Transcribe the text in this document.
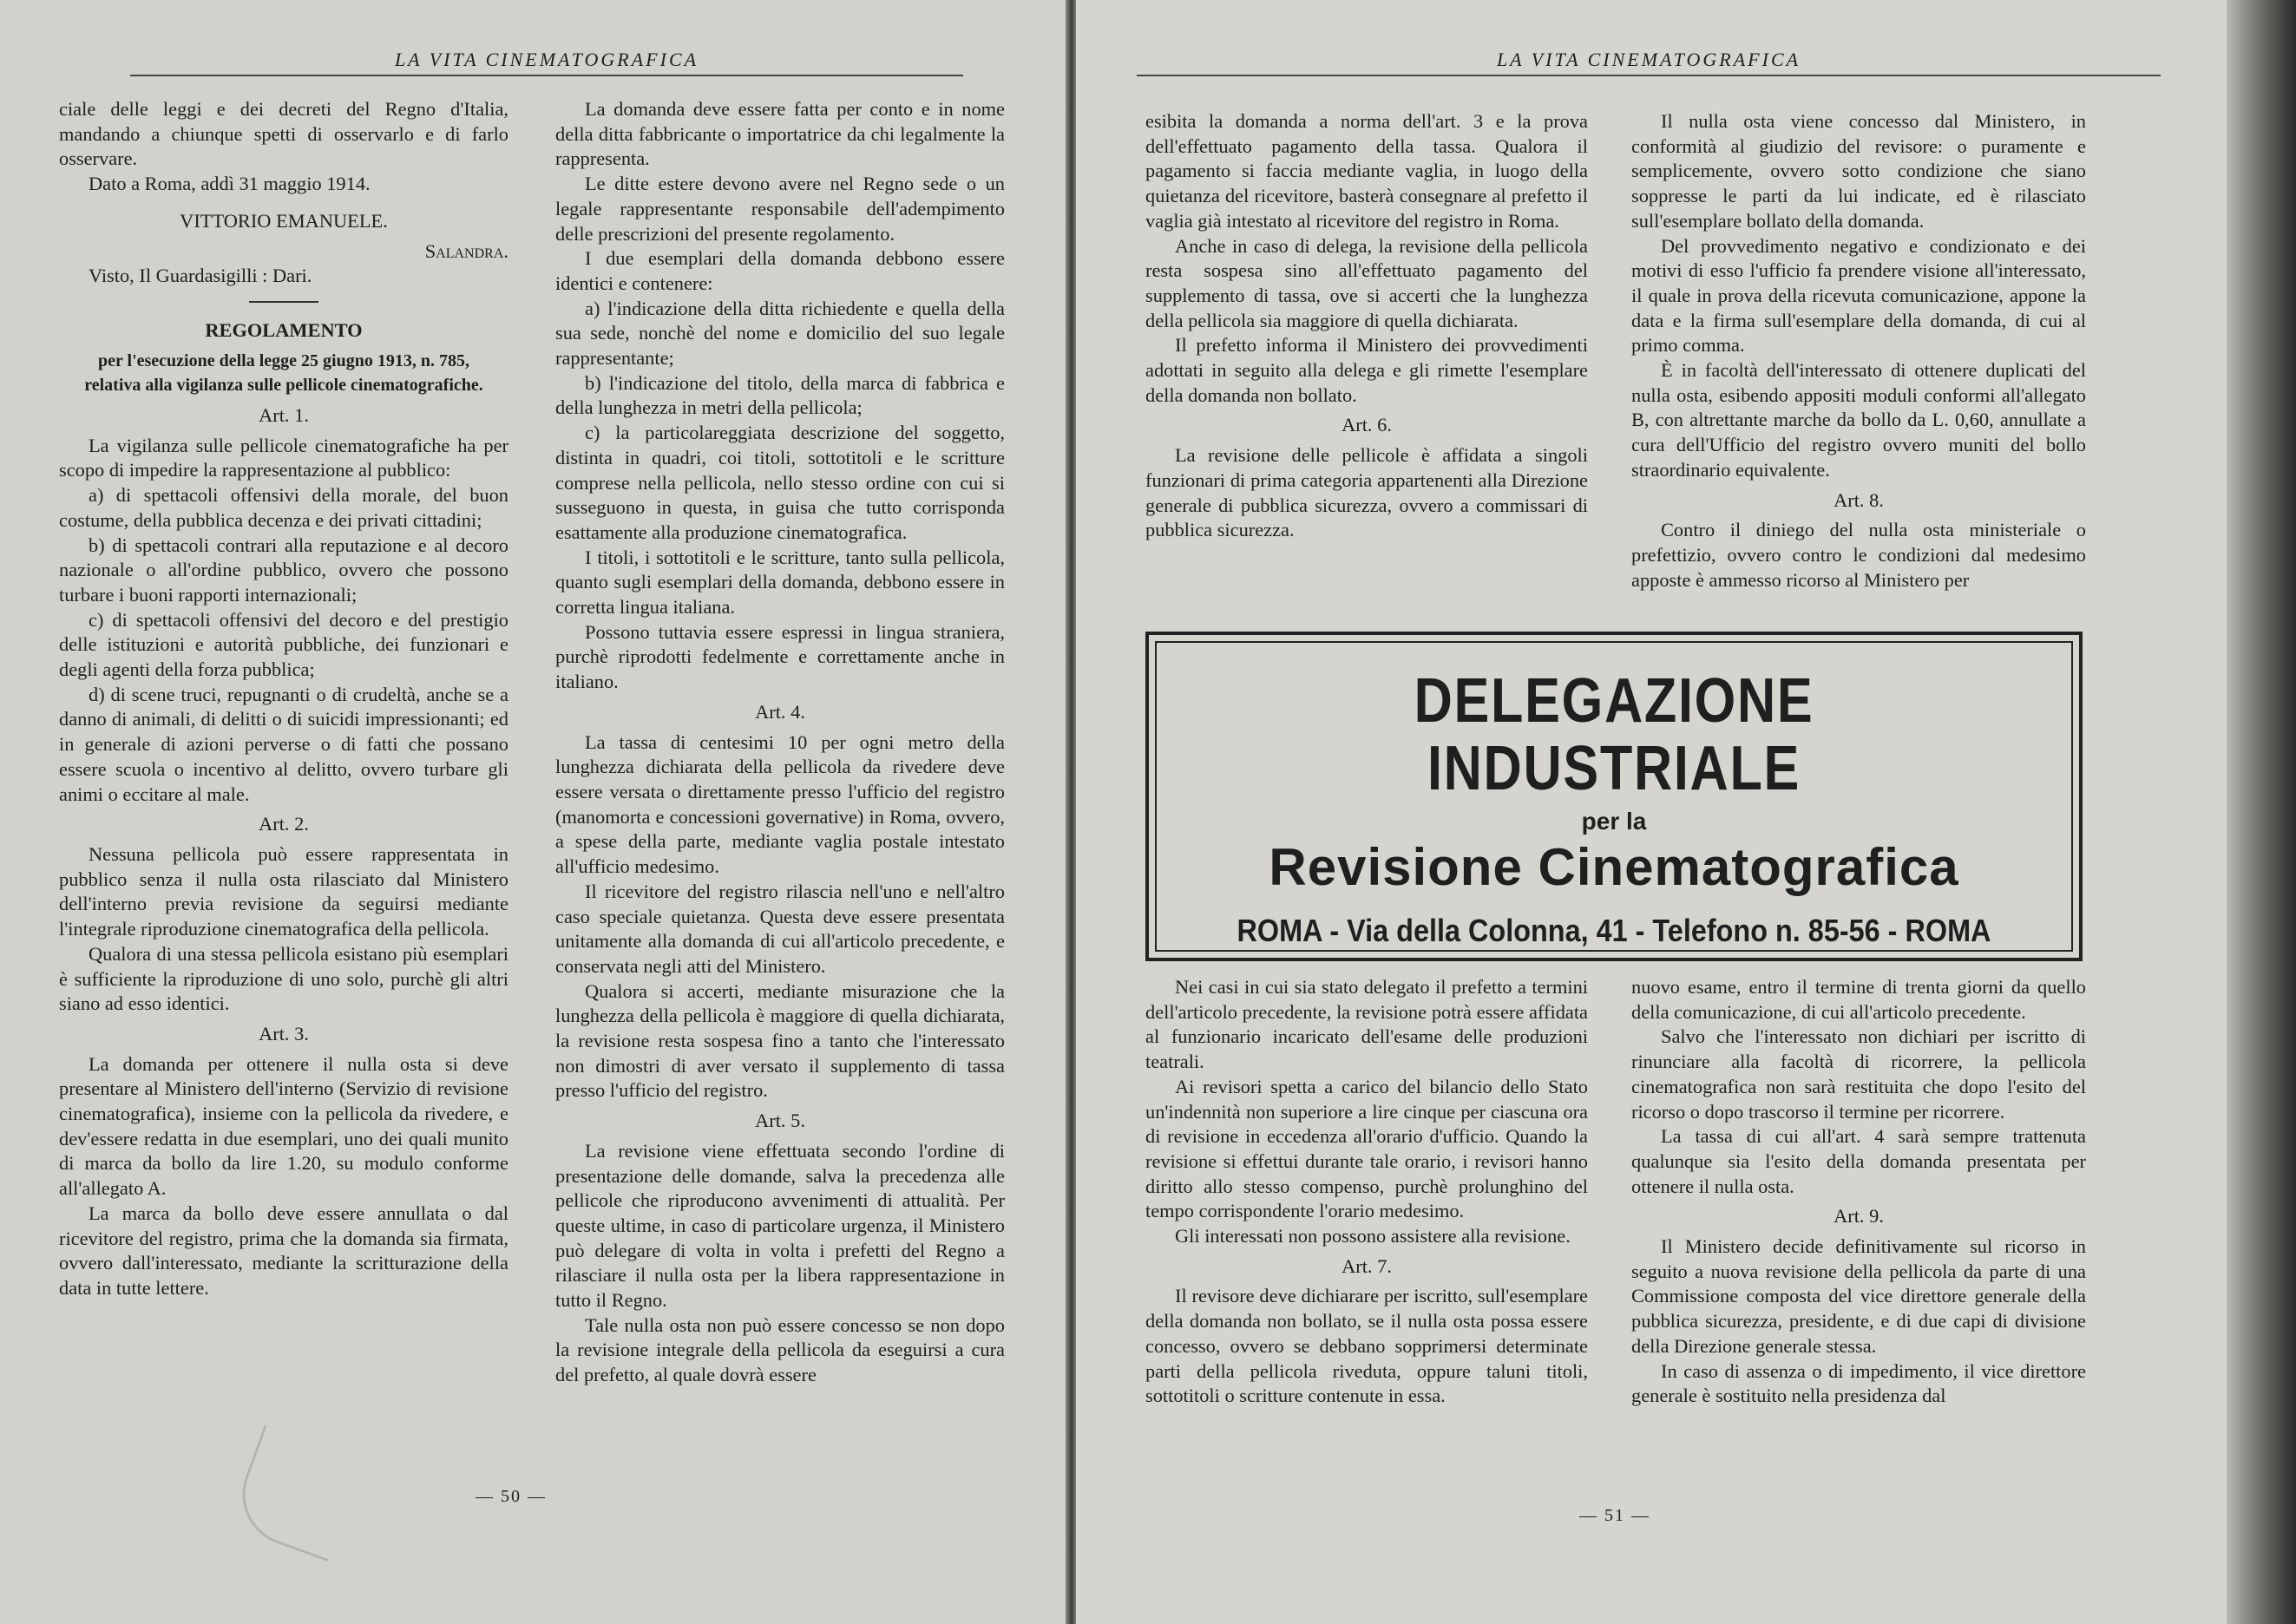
LA VITA CINEMATOGRAFICA

ciale delle leggi e dei decreti del Regno d'Italia, mandando a chiunque spetti di osservarlo e di farlo osservare.

Dato a Roma, addì 31 maggio 1914.

VITTORIO EMANUELE.

Salandra.

Visto, Il Guardasigilli : Dari.

REGOLAMENTO

per l'esecuzione della legge 25 giugno 1913, n. 785, relativa alla vigilanza sulle pellicole cinematografiche.

Art. 1.

La vigilanza sulle pellicole cinematografiche ha per scopo di impedire la rappresentazione al pubblico:

a) di spettacoli offensivi della morale, del buon costume, della pubblica decenza e dei privati cittadini;

b) di spettacoli contrari alla reputazione e al decoro nazionale o all'ordine pubblico, ovvero che possono turbare i buoni rapporti internazionali;

c) di spettacoli offensivi del decoro e del prestigio delle istituzioni e autorità pubbliche, dei funzionari e degli agenti della forza pubblica;

d) di scene truci, repugnanti o di crudeltà, anche se a danno di animali, di delitti o di suicidi impressionanti; ed in generale di azioni perverse o di fatti che possano essere scuola o incentivo al delitto, ovvero turbare gli animi o eccitare al male.

Art. 2.

Nessuna pellicola può essere rappresentata in pubblico senza il nulla osta rilasciato dal Ministero dell'interno previa revisione da seguirsi mediante l'integrale riproduzione cinematografica della pellicola.

Qualora di una stessa pellicola esistano più esemplari è sufficiente la riproduzione di uno solo, purchè gli altri siano ad esso identici.

Art. 3.

La domanda per ottenere il nulla osta si deve presentare al Ministero dell'interno (Servizio di revisione cinematografica), insieme con la pellicola da rivedere, e dev'essere redatta in due esemplari, uno dei quali munito di marca da bollo da lire 1.20, su modulo conforme all'allegato A.

La marca da bollo deve essere annullata o dal ricevitore del registro, prima che la domanda sia firmata, ovvero dall'interessato, mediante la scritturazione della data in tutte lettere.

La domanda deve essere fatta per conto e in nome della ditta fabbricante o importatrice da chi legalmente la rappresenta.

Le ditte estere devono avere nel Regno sede o un legale rappresentante responsabile dell'adempimento delle prescrizioni del presente regolamento.

I due esemplari della domanda debbono essere identici e contenere:

a) l'indicazione della ditta richiedente e quella della sua sede, nonchè del nome e domicilio del suo legale rappresentante;

b) l'indicazione del titolo, della marca di fabbrica e della lunghezza in metri della pellicola;

c) la particolareggiata descrizione del soggetto, distinta in quadri, coi titoli, sottotitoli e le scritture comprese nella pellicola, nello stesso ordine con cui si susseguono in questa, in guisa che tutto corrisponda esattamente alla produzione cinematografica.

I titoli, i sottotitoli e le scritture, tanto sulla pellicola, quanto sugli esemplari della domanda, debbono essere in corretta lingua italiana.

Possono tuttavia essere espressi in lingua straniera, purchè riprodotti fedelmente e correttamente anche in italiano.

Art. 4.

La tassa di centesimi 10 per ogni metro della lunghezza dichiarata della pellicola da rivedere deve essere versata o direttamente presso l'ufficio del registro (manomorta e concessioni governative) in Roma, ovvero, a spese della parte, mediante vaglia postale intestato all'ufficio medesimo.

Il ricevitore del registro rilascia nell'uno e nell'altro caso speciale quietanza. Questa deve essere presentata unitamente alla domanda di cui all'articolo precedente, e conservata negli atti del Ministero.

Qualora si accerti, mediante misurazione che la lunghezza della pellicola è maggiore di quella dichiarata, la revisione resta sospesa fino a tanto che l'interessato non dimostri di aver versato il supplemento di tassa presso l'ufficio del registro.

Art. 5.

La revisione viene effettuata secondo l'ordine di presentazione delle domande, salva la precedenza alle pellicole che riproducono avvenimenti di attualità. Per queste ultime, in caso di particolare urgenza, il Ministero può delegare di volta in volta i prefetti del Regno a rilasciare il nulla osta per la libera rappresentazione in tutto il Regno.

Tale nulla osta non può essere concesso se non dopo la revisione integrale della pellicola da eseguirsi a cura del prefetto, al quale dovrà essere

— 50 —
LA VITA CINEMATOGRAFICA

esibita la domanda a norma dell'art. 3 e la prova dell'effettuato pagamento della tassa. Qualora il pagamento si faccia mediante vaglia, in luogo della quietanza del ricevitore, basterà consegnare al prefetto il vaglia già intestato al ricevitore del registro in Roma.

Anche in caso di delega, la revisione della pellicola resta sospesa sino all'effettuato pagamento del supplemento di tassa, ove si accerti che la lunghezza della pellicola sia maggiore di quella dichiarata.

Il prefetto informa il Ministero dei provvedimenti adottati in seguito alla delega e gli rimette l'esemplare della domanda non bollato.

Art. 6.

La revisione delle pellicole è affidata a singoli funzionari di prima categoria appartenenti alla Direzione generale di pubblica sicurezza, ovvero a commissari di pubblica sicurezza.

Il nulla osta viene concesso dal Ministero, in conformità al giudizio del revisore: o puramente e semplicemente, ovvero sotto condizione che siano soppresse le parti da lui indicate, ed è rilasciato sull'esemplare bollato della domanda.

Del provvedimento negativo e condizionato e dei motivi di esso l'ufficio fa prendere visione all'interessato, il quale in prova della ricevuta comunicazione, appone la data e la firma sull'esemplare della domanda, di cui al primo comma.

È in facoltà dell'interessato di ottenere duplicati del nulla osta, esibendo appositi moduli conformi all'allegato B, con altrettante marche da bollo da L. 0,60, annullate a cura dell'Ufficio del registro ovvero muniti del bollo straordinario equivalente.

Art. 8.

Contro il diniego del nulla osta ministeriale o prefettizio, ovvero contro le condizioni dal medesimo apposte è ammesso ricorso al Ministero per

Nei casi in cui sia stato delegato il prefetto a termini dell'articolo precedente, la revisione potrà essere affidata al funzionario incaricato dell'esame delle produzioni teatrali.

Ai revisori spetta a carico del bilancio dello Stato un'indennità non superiore a lire cinque per ciascuna ora di revisione in eccedenza all'orario d'ufficio. Quando la revisione si effettui durante tale orario, i revisori hanno diritto allo stesso compenso, purchè prolunghino del tempo corrispondente l'orario medesimo.

Gli interessati non possono assistere alla revisione.

Art. 7.

Il revisore deve dichiarare per iscritto, sull'esemplare della domanda non bollato, se il nulla osta possa essere concesso, ovvero se debbano sopprimersi determinate parti della pellicola riveduta, oppure taluni titoli, sottotitoli o scritture contenute in essa.

nuovo esame, entro il termine di trenta giorni da quello della comunicazione, di cui all'articolo precedente.

Salvo che l'interessato non dichiari per iscritto di rinunciare alla facoltà di ricorrere, la pellicola cinematografica non sarà restituita che dopo l'esito del ricorso o dopo trascorso il termine per ricorrere.

La tassa di cui all'art. 4 sarà sempre trattenuta qualunque sia l'esito della domanda presentata per ottenere il nulla osta.

Art. 9.

Il Ministero decide definitivamente sul ricorso in seguito a nuova revisione della pellicola da parte di una Commissione composta del vice direttore generale della pubblica sicurezza, presidente, e di due capi di divisione della Direzione generale stessa.

In caso di assenza o di impedimento, il vice direttore generale è sostituito nella presidenza dal

— 51 —
DELEGAZIONE INDUSTRIALE
per la
Revisione Cinematografica
ROMA - Via della Colonna, 41 - Telefono n. 85-56 - ROMA
